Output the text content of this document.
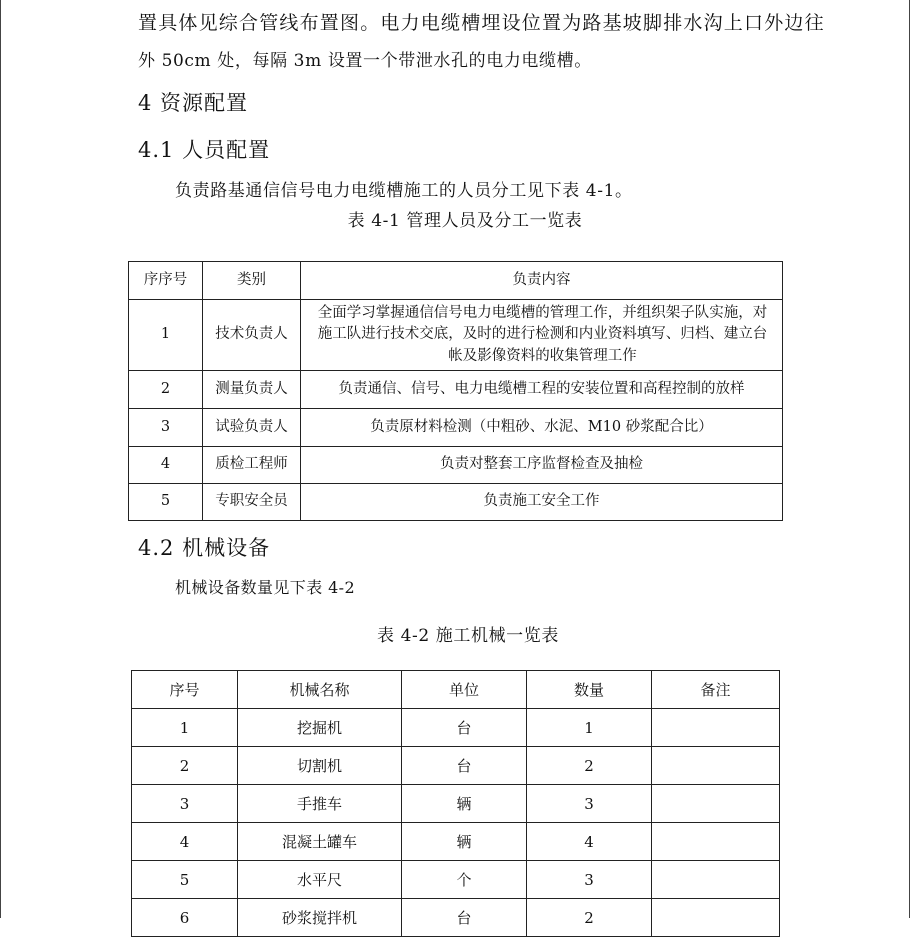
置具体见综合管线布置图。电力电缆槽埋设位置为路基坡脚排水沟上口外边往
外 50cm 处，每隔 3m 设置一个带泄水孔的电力电缆槽。
4 资源配置
4.1 人员配置
负责路基通信信号电力电缆槽施工的人员分工见下表 4-1。
表 4-1 管理人员及分工一览表
序序号	类别	负责内容
1	技术负责人	全面学习掌握通信信号电力电缆槽的管理工作，并组织架子队实施，对施工队进行技术交底，及时的进行检测和内业资料填写、归档、建立台帐及影像资料的收集管理工作
2	测量负责人	负责通信、信号、电力电缆槽工程的安装位置和高程控制的放样
3	试验负责人	负责原材料检测（中粗砂、水泥、M10 砂浆配合比）
4	质检工程师	负责对整套工序监督检查及抽检
5	专职安全员	负责施工安全工作
4.2 机械设备
机械设备数量见下表 4-2
表 4-2 施工机械一览表
序号	机械名称	单位	数量	备注
1	挖掘机	台	1	
2	切割机	台	2	
3	手推车	辆	3	
4	混凝土罐车	辆	4	
5	水平尺	个	3	
6	砂浆搅拌机	台	2	
